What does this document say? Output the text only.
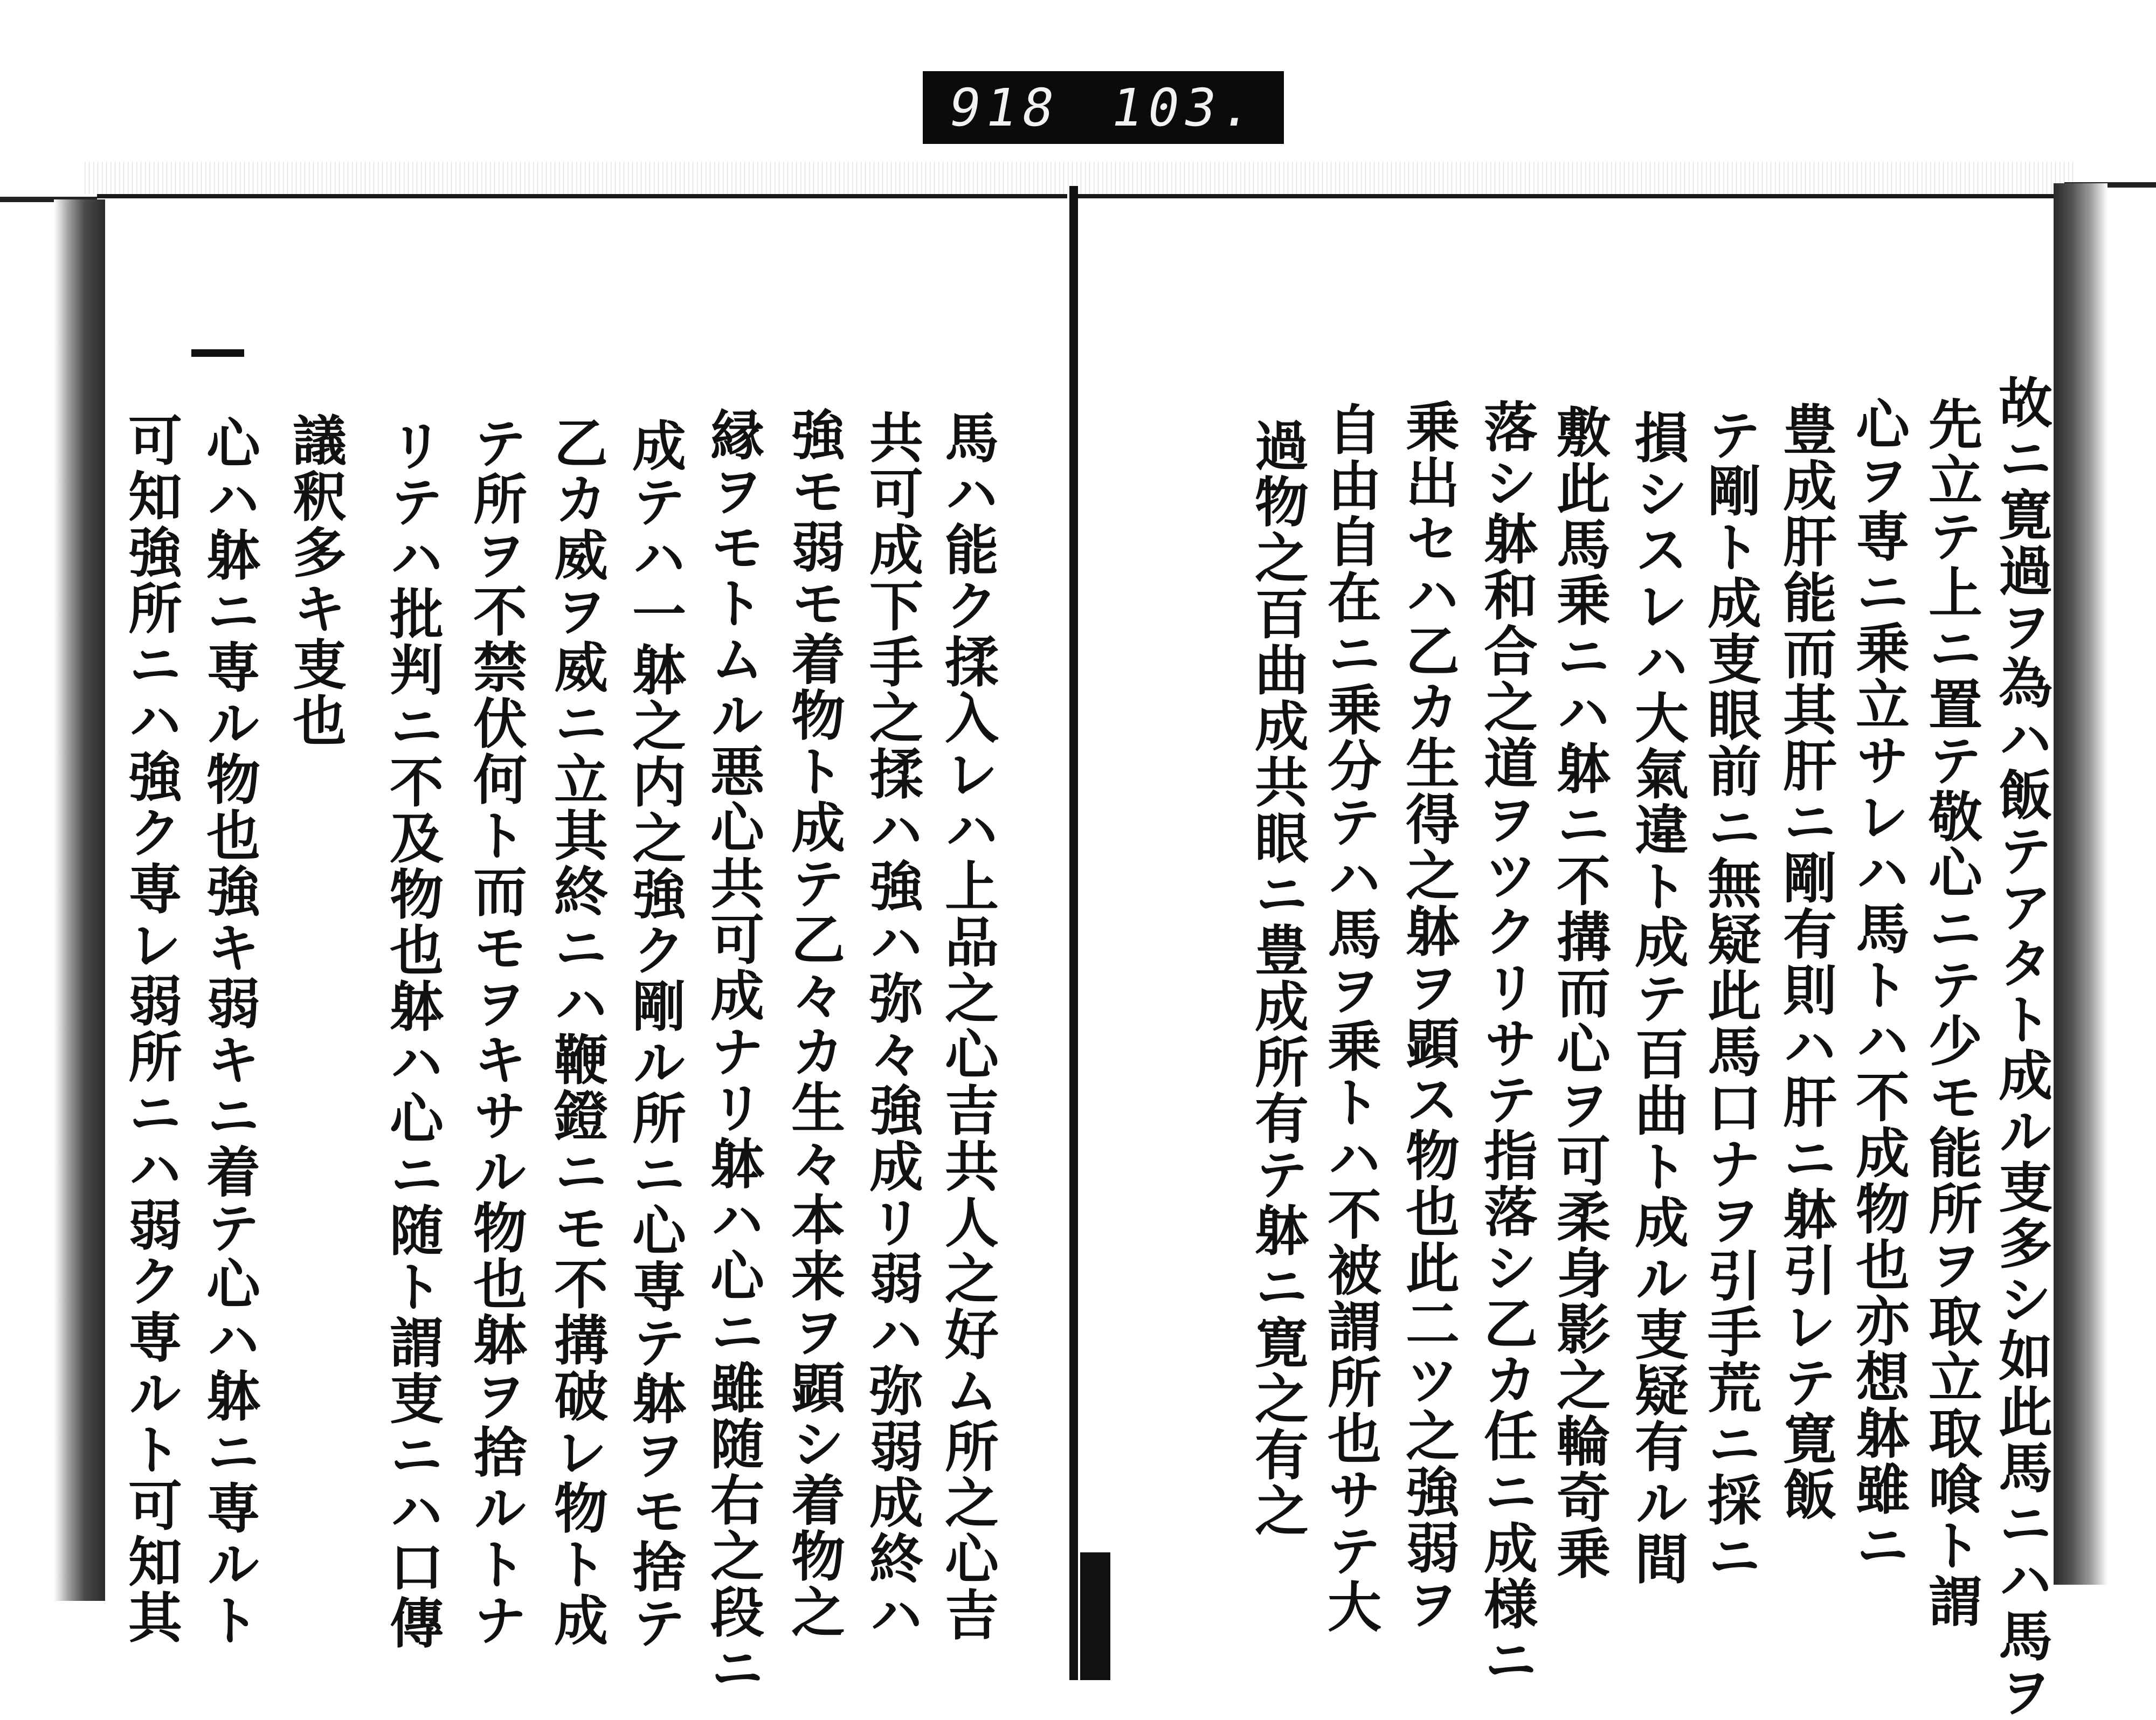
918 103.
故ニ寛過ヲ為ハ飯テアタト成ル叓多シ如此馬ニハ馬ヲ
先立テ上ニ置テ敬心ニテ少モ能所ヲ取立取喰ト謂
心ヲ専ニ乗立サレハ馬トハ不成物也亦想躰雖ニ
豊成肝能而其肝ニ剛有則ハ肝ニ躰引レテ寛飯
テ剛ト成叓眼前ニ無疑此馬口ナヲ引手荒ニ採ニ
損シスレハ大氣違ト成テ百曲ト成ル叓疑有ル間
敷此馬乗ニハ躰ニ不搆而心ヲ可柔身影之輪奇乗
落シ躰和合之道ヲツクリサテ指落シ乙カ任ニ成様ニ
乗出セハ乙カ生得之躰ヲ顕ス物也此二ツ之強弱ヲ
自由自在ニ乗分テハ馬ヲ乗トハ不被謂所也サテ大
過物之百曲成共眼ニ豊成所有テ躰ニ寛之有之
馬ハ能ク揉入レハ上品之心吉共人之好ム所之心吉
共可成下手之揉ハ強ハ弥々強成リ弱ハ弥弱成終ハ
強モ弱モ着物ト成テ乙々カ生々本来ヲ顕シ着物之
縁ヲモトムル悪心共可成ナリ躰ハ心ニ雖随右之段ニ
成テハ一躰之内之強ク剛ル所ニ心専テ躰ヲモ捨テ
乙カ威ヲ威ニ立其終ニハ鞭鐙ニモ不搆破レ物ト成
テ所ヲ不禁伏何ト而モヲキサル物也躰ヲ捨ルトナ
リテハ批判ニ不及物也躰ハ心ニ随ト謂叓ニハ口傳
議釈多キ叓也
心ハ躰ニ専ル物也強キ弱キニ着テ心ハ躰ニ専ルト
可知強所ニハ強ク専レ弱所ニハ弱ク専ルト可知其
